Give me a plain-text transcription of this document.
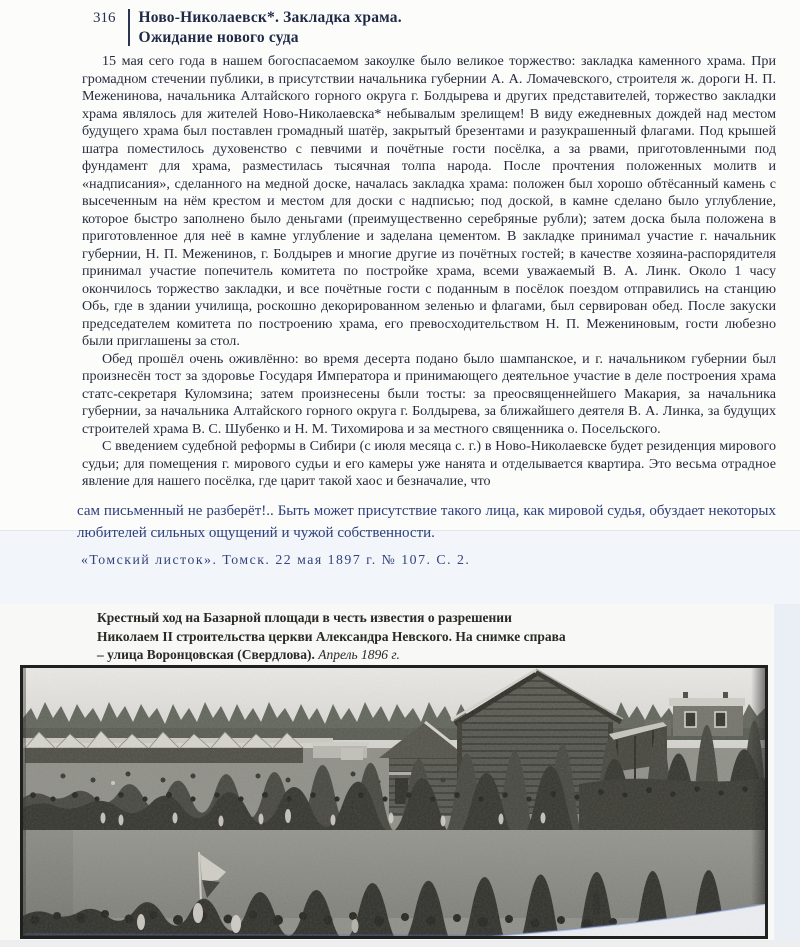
316 Ново-Николаевск*. Закладка храма.
Ожидание нового суда

15 мая сего года в нашем богоспасаемом закоулке было великое торжество: закладка каменного храма. При громадном стечении публики, в присутствии начальника губернии А. А. Ломачевского, строителя ж. дороги Н. П. Меженинова, начальника Алтайского горного округа г. Болдырева и других представителей, торжество закладки храма являлось для жителей Ново-Николаевска* небывалым зрелищем! В виду ежедневных дождей над местом будущего храма был поставлен громадный шатёр, закрытый брезентами и разукрашенный флагами. Под крышей шатра поместилось духовенство с певчими и почётные гости посёлка, а за рвами, приготовленными под фундамент для храма, разместилась тысячная толпа народа. После прочтения положенных молитв и «надписания», сделанного на медной доске, началась закладка храма: положен был хорошо обтёсанный камень с высеченным на нём крестом и местом для доски с надписью; под доской, в камне сделано было углубление, которое быстро заполнено было деньгами (преимущественно серебряные рубли); затем доска была положена в приготовленное для неё в камне углубление и заделана цементом. В закладке принимал участие г. начальник губернии, Н. П. Меженинов, г. Болдырев и многие другие из почётных гостей; в качестве хозяина-распорядителя принимал участие попечитель комитета по постройке храма, всеми уважаемый В. А. Линк. Около 1 часу окончилось торжество закладки, и все почётные гости с поданным в посёлок поездом отправились на станцию Обь, где в здании училища, роскошно декорированном зеленью и флагами, был сервирован обед. После закуски председателем комитета по построению храма, его превосходительством Н. П. Межениновым, гости любезно были приглашены за стол.

Обед прошёл очень оживлённо: во время десерта подано было шампанское, и г. начальником губернии был произнесён тост за здоровье Государя Императора и принимающего деятельное участие в деле построения храма статс-секретаря Куломзина; затем произнесены были тосты: за преосвященнейшего Макария, за начальника губернии, за начальника Алтайского горного округа г. Болдырева, за ближайшего деятеля В. А. Линка, за будущих строителей храма В. С. Шубенко и Н. М. Тихомирова и за местного священника о. Посельского.

С введением судебной реформы в Сибири (с июля месяца с. г.) в Ново-Николаевске будет резиденция мирового судьи; для помещения г. мирового судьи и его камеры уже нанята и отделывается квартира. Это весьма отрадное явление для нашего посёлка, где царит такой хаос и безначалие, что

сам письменный не разберёт!.. Быть может присутствие такого лица, как мировой судья, обуздает некоторых любителей сильных ощущений и чужой собственности.

«Томский листок». Томск. 22 мая 1897 г. № 107. С. 2.

Крестный ход на Базарной площади в честь известия о разрешении Николаем II строительства церкви Александра Невского. На снимке справа – улица Воронцовская (Свердлова). Апрель 1896 г.
